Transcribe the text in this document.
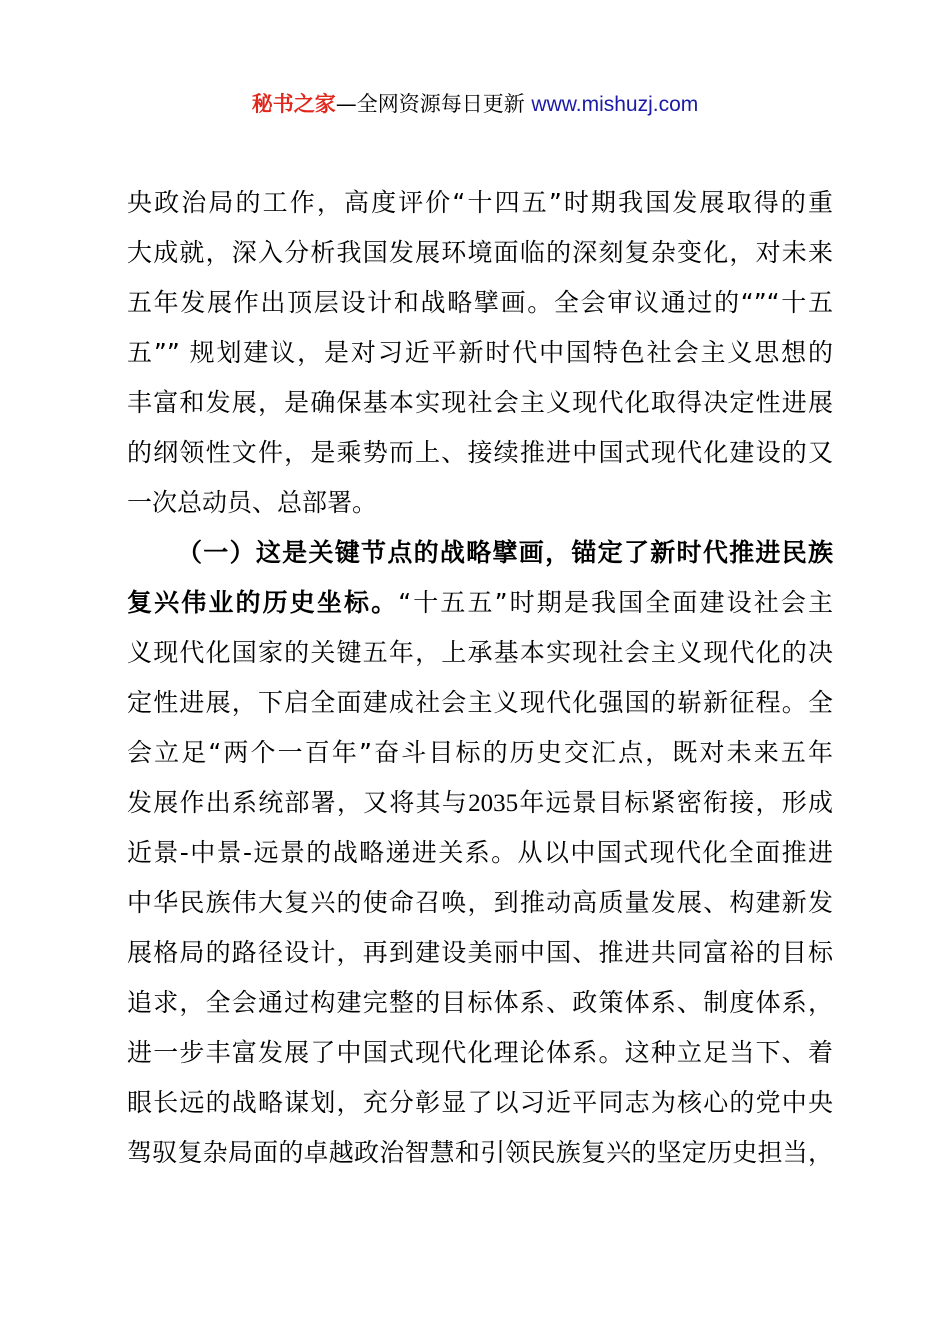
秘书之家—全网资源每日更新 www.mishuzj.com
央政治局的工作，高度评价“十四五”时期我国发展取得的重
大成就，深入分析我国发展环境面临的深刻复杂变化，对未来
五年发展作出顶层设计和战略擘画。全会审议通过的“”“十五
五”” 规划建议，是对习近平新时代中国特色社会主义思想的
丰富和发展，是确保基本实现社会主义现代化取得决定性进展
的纲领性文件，是乘势而上、接续推进中国式现代化建设的又
一次总动员、总部署。
（一）这是关键节点的战略擘画，锚定了新时代推进民族
复兴伟业的历史坐标。“十五五”时期是我国全面建设社会主
义现代化国家的关键五年，上承基本实现社会主义现代化的决
定性进展，下启全面建成社会主义现代化强国的崭新征程。全
会立足“两个一百年”奋斗目标的历史交汇点，既对未来五年
发展作出系统部署，又将其与2035年远景目标紧密衔接，形成
近景-中景-远景的战略递进关系。从以中国式现代化全面推进
中华民族伟大复兴的使命召唤，到推动高质量发展、构建新发
展格局的路径设计，再到建设美丽中国、推进共同富裕的目标
追求，全会通过构建完整的目标体系、政策体系、制度体系，
进一步丰富发展了中国式现代化理论体系。这种立足当下、着
眼长远的战略谋划，充分彰显了以习近平同志为核心的党中央
驾驭复杂局面的卓越政治智慧和引领民族复兴的坚定历史担当，
